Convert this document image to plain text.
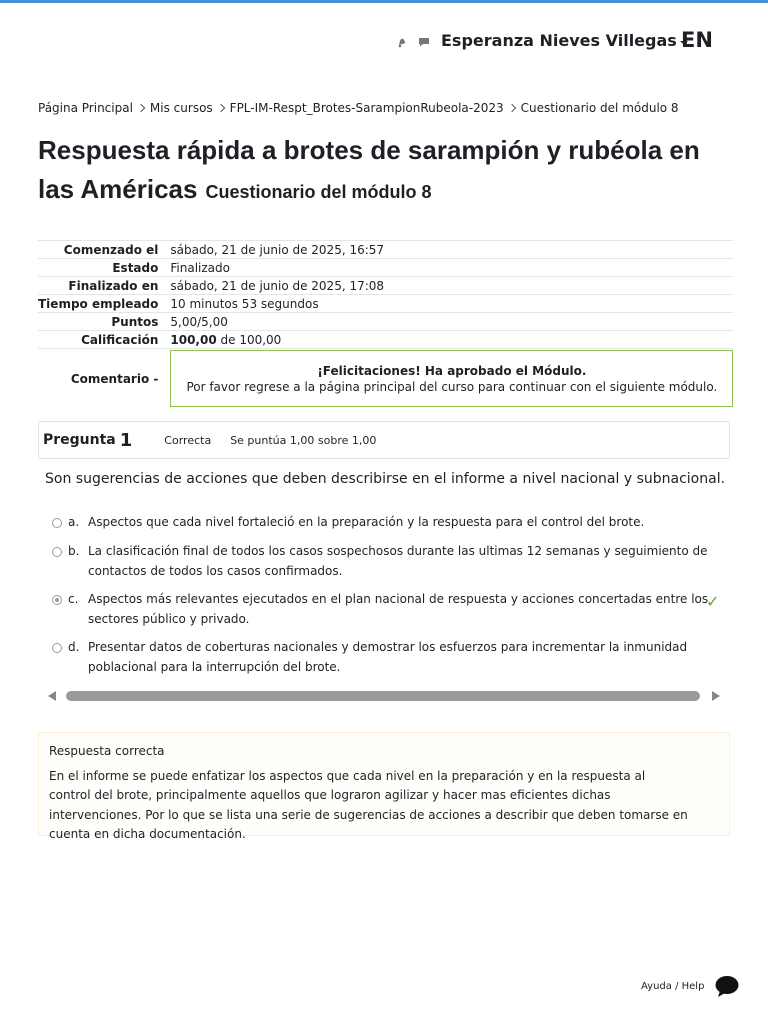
Esperanza Nieves Villegas EN
Página Principal Mis cursos FPL-IM-Respt_Brotes-SarampionRubeola-2023 Cuestionario del módulo 8
Respuesta rápida a brotes de sarampión y rubéola en las Américas Cuestionario del módulo 8
Comenzado el	sábado, 21 de junio de 2025, 16:57
Estado	Finalizado
Finalizado en	sábado, 21 de junio de 2025, 17:08
Tiempo empleado	10 minutos 53 segundos
Puntos	5,00/5,00
Calificación	100,00 de 100,00
Comentario -	¡Felicitaciones! Ha aprobado el Módulo.
Por favor regrese a la página principal del curso para continuar con el siguiente módulo.
Pregunta 1	Correcta Se puntúa 1,00 sobre 1,00
Son sugerencias de acciones que deben describirse en el informe a nivel nacional y subnacional.
a. Aspectos que cada nivel fortaleció en la preparación y la respuesta para el control del brote.
b. La clasificación final de todos los casos sospechosos durante las ultimas 12 semanas y seguimiento de contactos de todos los casos confirmados.
c. Aspectos más relevantes ejecutados en el plan nacional de respuesta y acciones concertadas entre los sectores público y privado.
✓
d. Presentar datos de coberturas nacionales y demostrar los esfuerzos para incrementar la inmunidad poblacional para la interrupción del brote.
Respuesta correcta
En el informe se puede enfatizar los aspectos que cada nivel en la preparación y en la respuesta al control del brote, principalmente aquellos que lograron agilizar y hacer mas eficientes dichas intervenciones. Por lo que se lista una serie de sugerencias de acciones a describir que deben tomarse en cuenta en dicha documentación.
Ayuda / Help
